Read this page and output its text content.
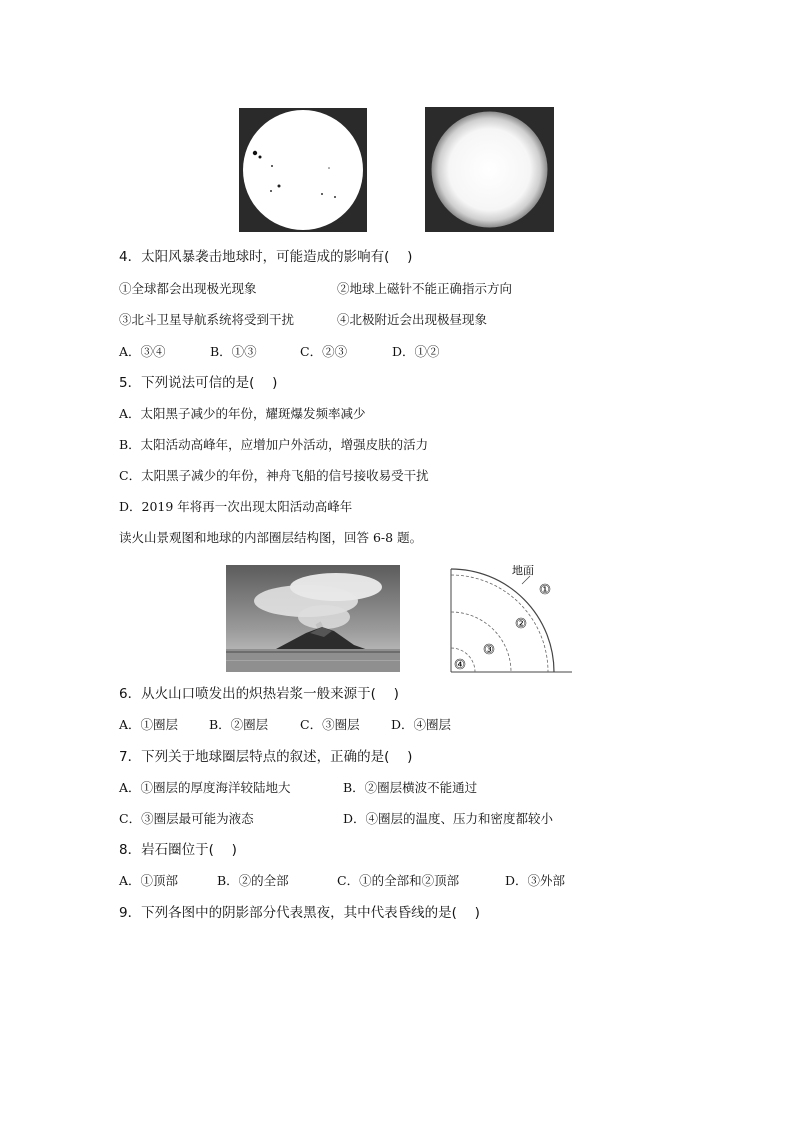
4．太阳风暴袭击地球时，可能造成的影响有(　 )
①全球都会出现极光现象	②地球上磁针不能正确指示方向
③北斗卫星导航系统将受到干扰	④北极附近会出现极昼现象
A．③④	B．①③	C．②③	D．①②
5．下列说法可信的是(　 )
A．太阳黑子减少的年份，耀斑爆发频率减少
B．太阳活动高峰年，应增加户外活动，增强皮肤的活力
C．太阳黑子减少的年份，神舟飞船的信号接收易受干扰
D．2019 年将再一次出现太阳活动高峰年
读火山景观图和地球的内部圈层结构图，回答 6-8 题。
地面
①
②
③
④
6．从火山口喷发出的炽热岩浆一般来源于(　 )
A．①圈层 B．②圈层	C．③圈层	D．④圈层
7．下列关于地球圈层特点的叙述，正确的是(　 )
A．①圈层的厚度海洋较陆地大	B．②圈层横波不能通过
C．③圈层最可能为液态	D．④圈层的温度、压力和密度都较小
8．岩石圈位于(　 )
A．①顶部	B．②的全部	C．①的全部和②顶部	D．③外部
9．下列各图中的阴影部分代表黑夜，其中代表昏线的是(　 )
